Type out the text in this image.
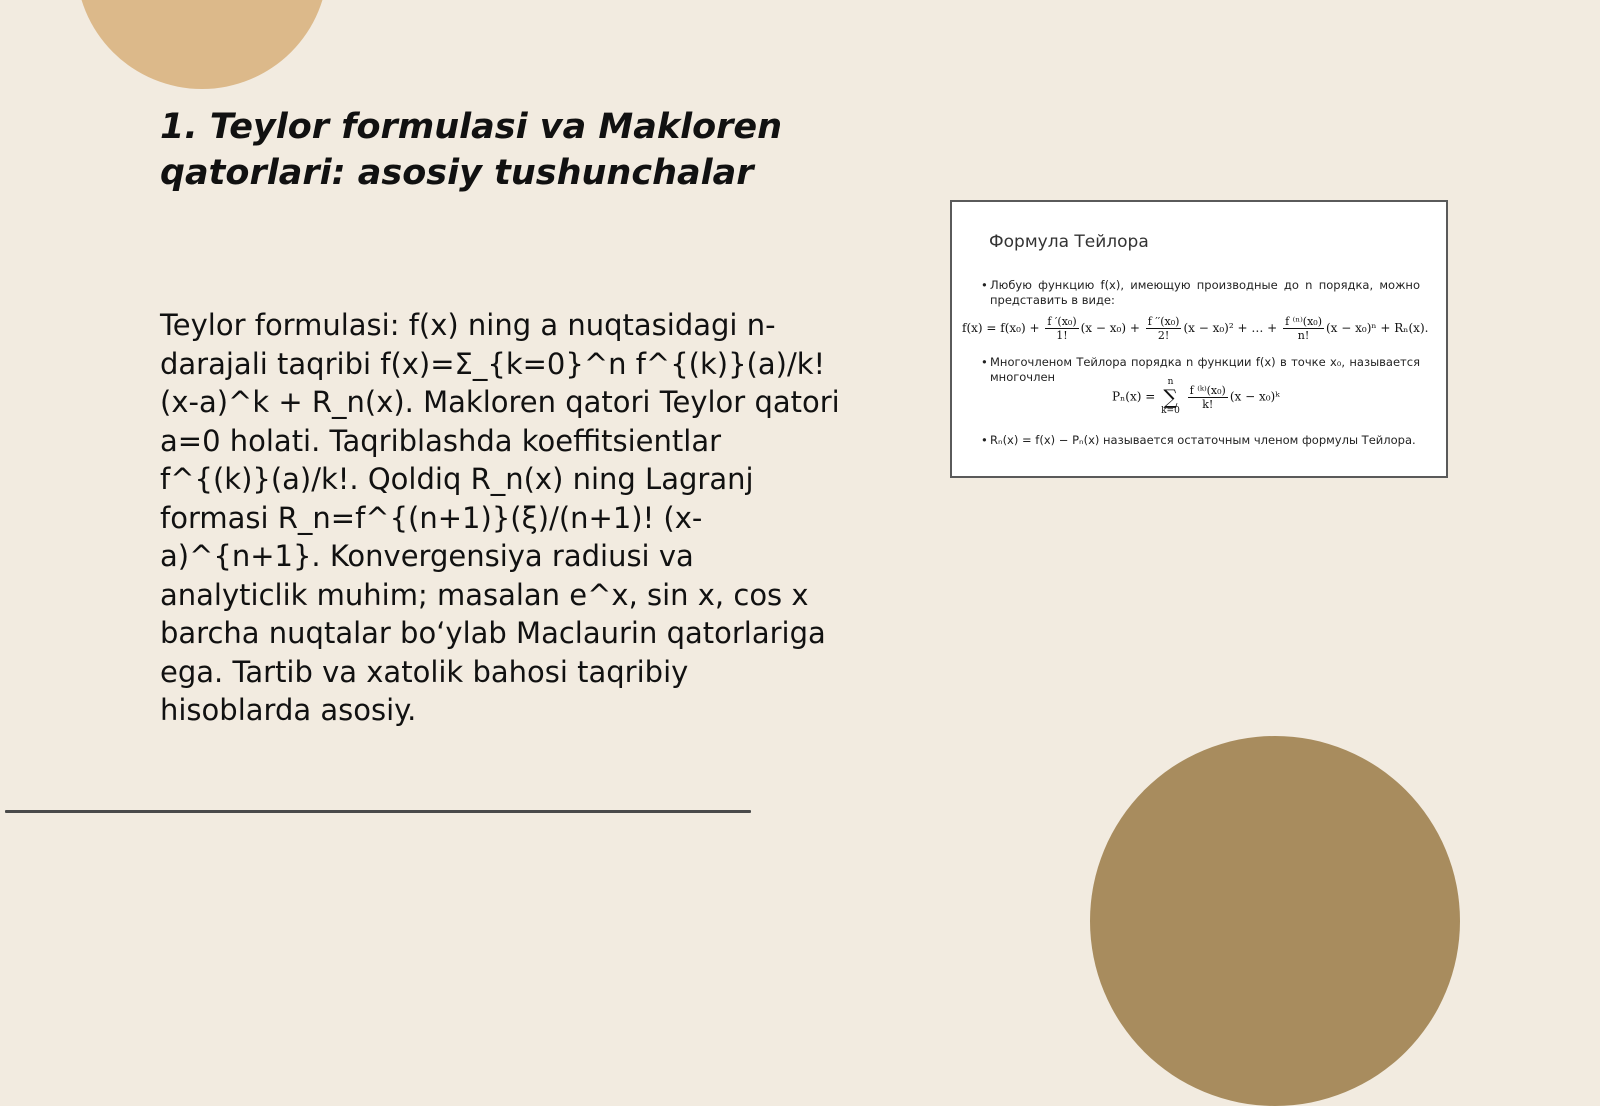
1. Teylor formulasi va Makloren
qatorlari: asosiy tushunchalar

Teylor formulasi: f(x) ning a nuqtasidagi n-darajali taqribi f(x)=Σ_{k=0}^n f^{(k)}(a)/k! (x-a)^k + R_n(x). Makloren qatori Teylor qatori a=0 holati. Taqriblashda koeffitsientlar f^{(k)}(a)/k!. Qoldiq R_n(x) ning Lagranj formasi R_n=f^{(n+1)}(ξ)/(n+1)! (x-a)^{n+1}. Konvergensiya radiusi va analyticlik muhim; masalan e^x, sin x, cos x barcha nuqtalar bo‘ylab Maclaurin qatorlariga ega. Tartib va xatolik bahosi taqribiy hisoblarda asosiy.

Формула Тейлора
• Любую функцию f(x), имеющую производные до n порядка, можно представить в виде:
$f(x) = f(x_0) + \frac{\text{f ′(x₀)}}{1!} (x - x_0) + \frac{\text{f ′′(x₀)}}{2!} (x - x_0)^2$ + … + $\frac{\text{f ⁽ⁿ⁾(x₀)}}{n!} (x - x_0)^n + R_n(x)$.
• Многочленом Тейлора порядка n функции f(x) в точке x₀, называется многочлен
Pₙ(x) = n
∑
k=0
$\frac{\text{f ⁽ᵏ⁾(x₀)}}{k!} (x$ − x₀)ᵏ
• Rₙ(x) = f(x) − Pₙ(x) называется остаточным членом формулы Тейлора.
